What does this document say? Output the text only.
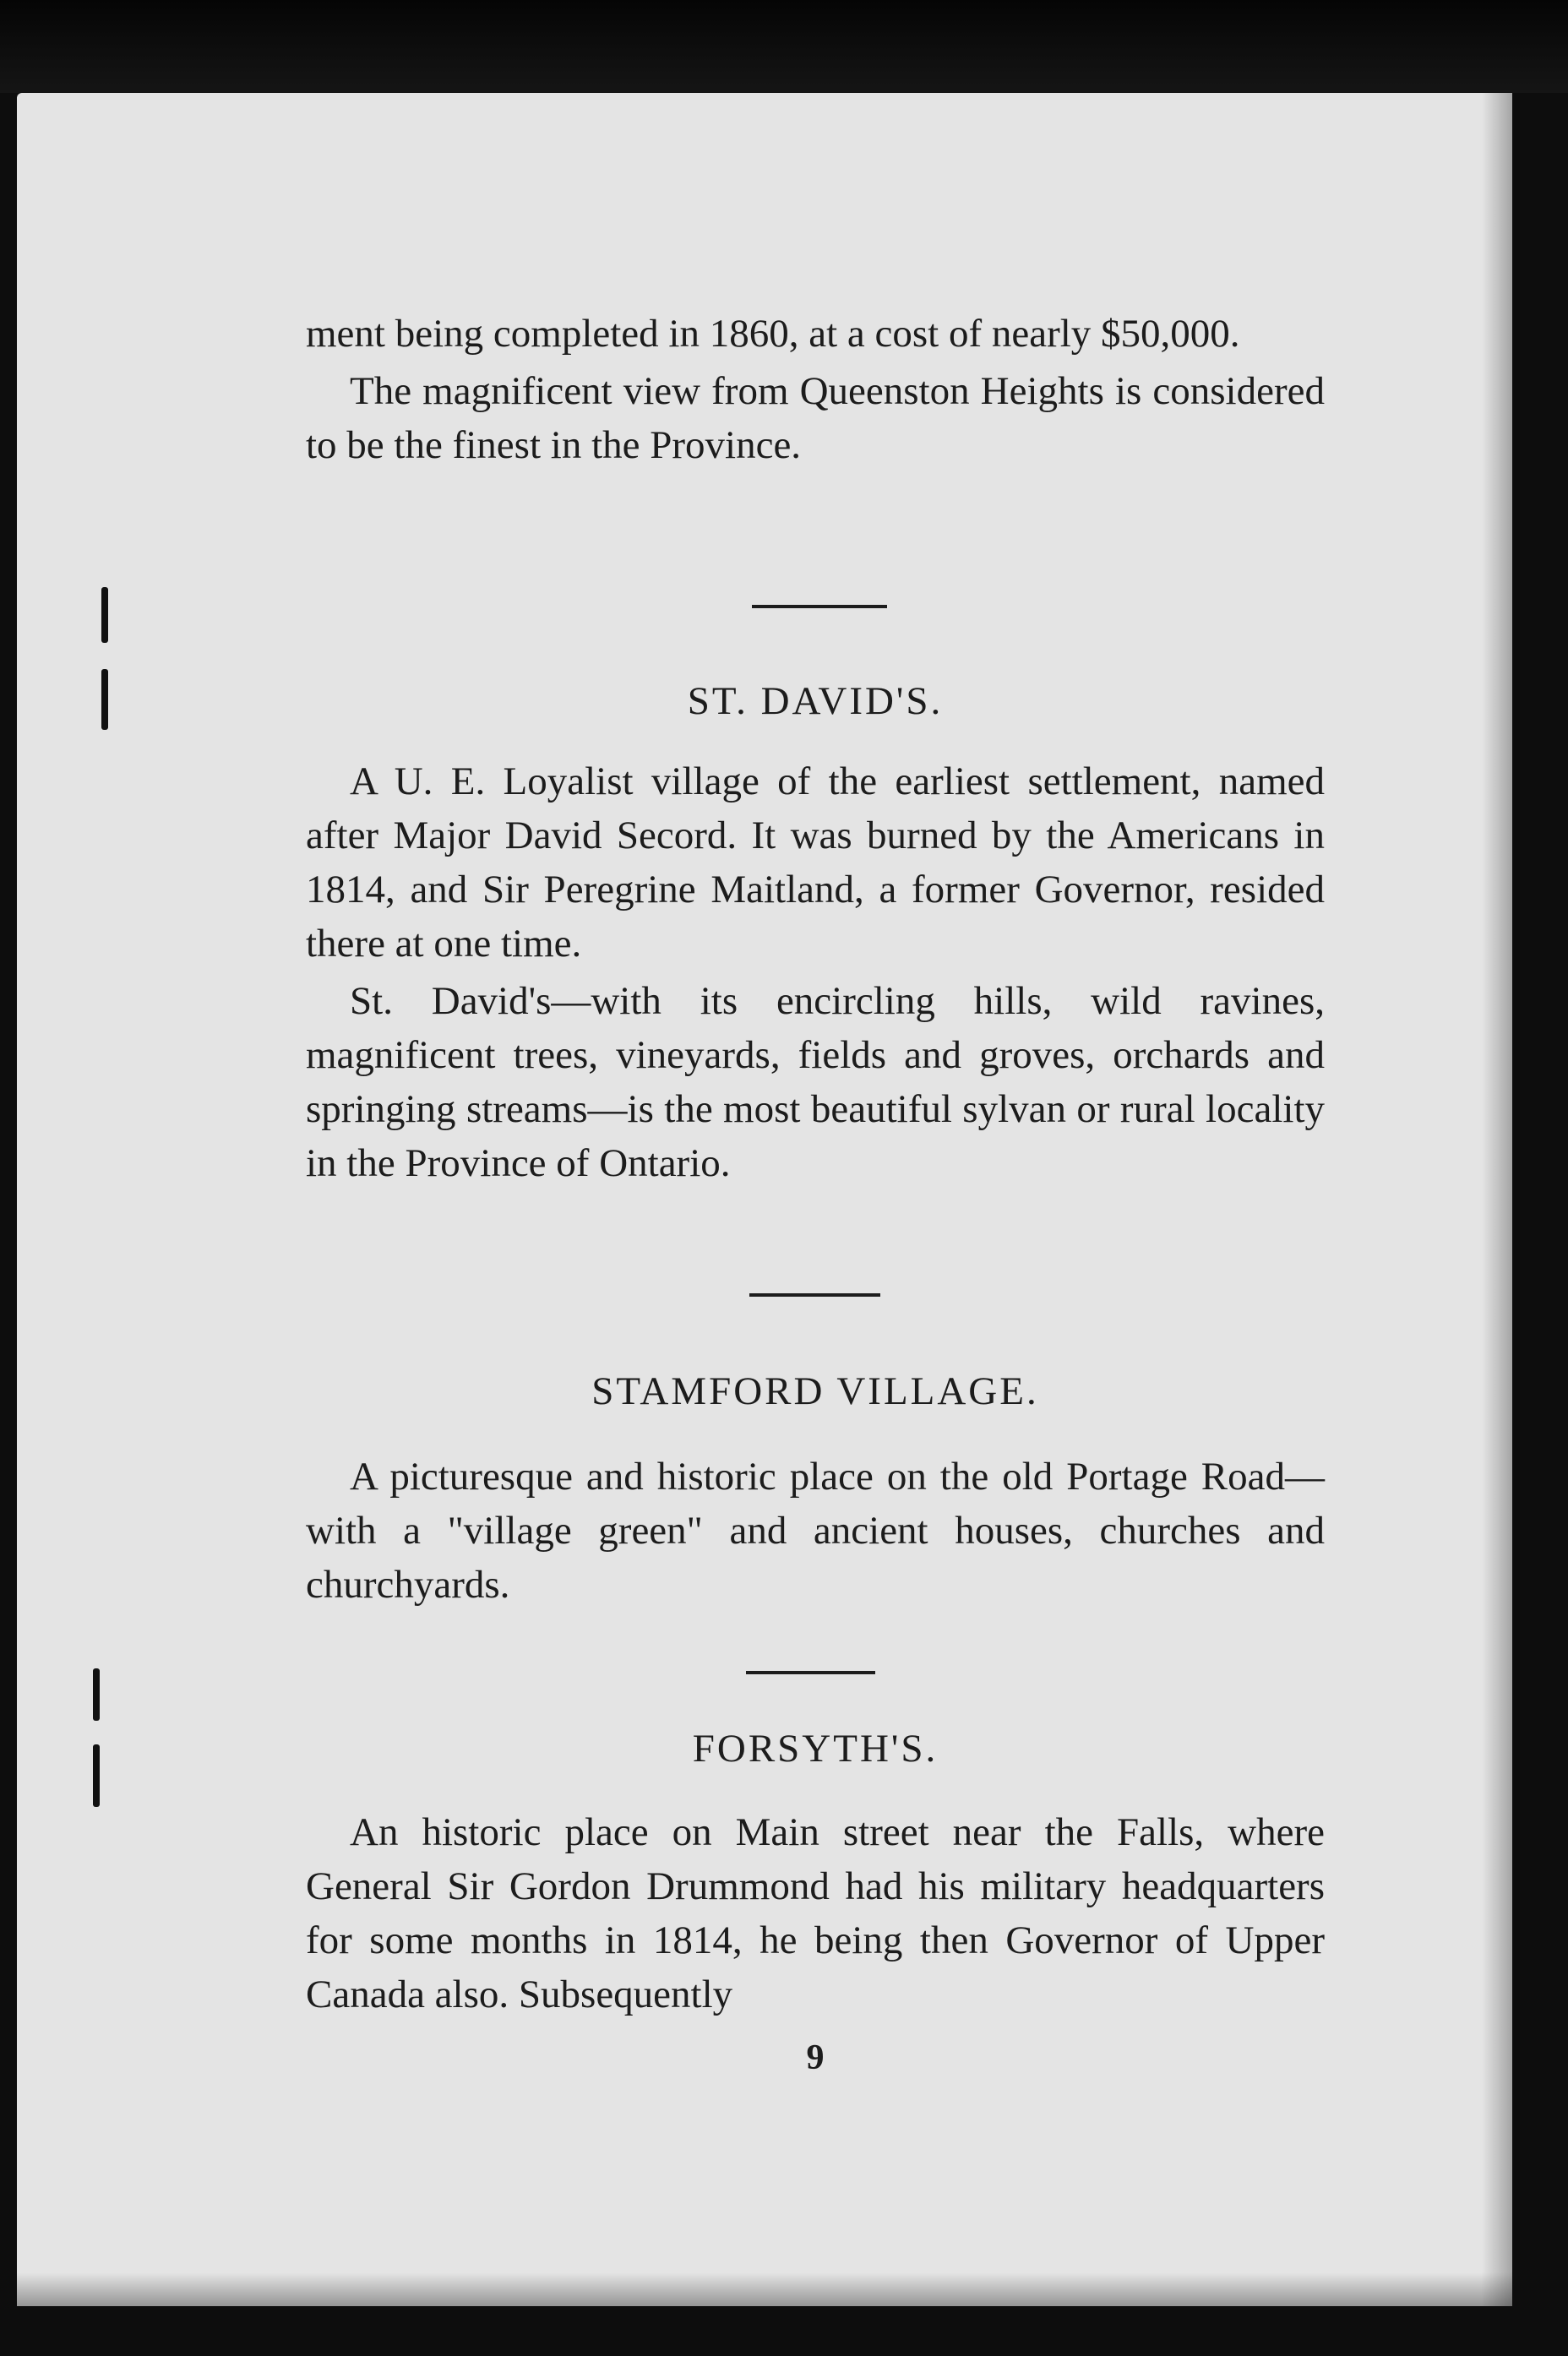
ment being completed in 1860, at a cost of nearly $50,000.

The magnificent view from Queenston Heights is considered to be the finest in the Province.

ST. DAVID'S.

A U. E. Loyalist village of the earliest settlement, named after Major David Secord. It was burned by the Americans in 1814, and Sir Peregrine Maitland, a former Governor, resided there at one time.

St. David's—with its encircling hills, wild ravines, magnificent trees, vineyards, fields and groves, orchards and springing streams—is the most beautiful sylvan or rural locality in the Province of Ontario.

STAMFORD VILLAGE.

A picturesque and historic place on the old Portage Road—with a "village green" and ancient houses, churches and churchyards.

FORSYTH'S.

An historic place on Main street near the Falls, where General Sir Gordon Drummond had his military headquarters for some months in 1814, he being then Governor of Upper Canada also. Subsequently

9
